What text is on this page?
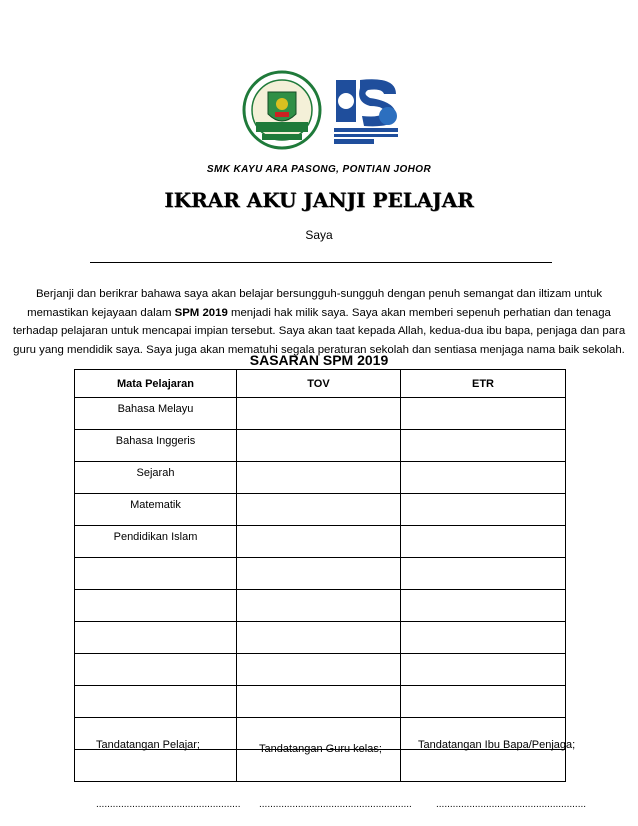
SMK KAYU ARA PASONG, PONTIAN JOHOR
IKRAR AKU JANJI PELAJAR
Saya
Berjanji dan berikrar bahawa saya akan belajar bersungguh-sungguh dengan penuh semangat dan iltizam untuk memastikan kejayaan dalam SPM 2019 menjadi hak milik saya. Saya akan memberi sepenuh perhatian dan tenaga terhadap pelajaran untuk mencapai impian tersebut. Saya akan taat kepada Allah, kedua-dua ibu bapa, penjaga dan para guru yang mendidik saya. Saya juga akan mematuhi segala peraturan sekolah dan sentiasa menjaga nama baik sekolah.
SASARAN SPM 2019
Mata Pelajaran	TOV	ETR
Bahasa Melayu		
Bahasa Inggeris		
Sejarah		
Matematik		
Pendidikan Islam		

Tandatangan Pelajar;	Tandatangan Guru kelas;	Tandatangan Ibu Bapa/Penjaga;
.................................................... ....................................................... ......................................................
